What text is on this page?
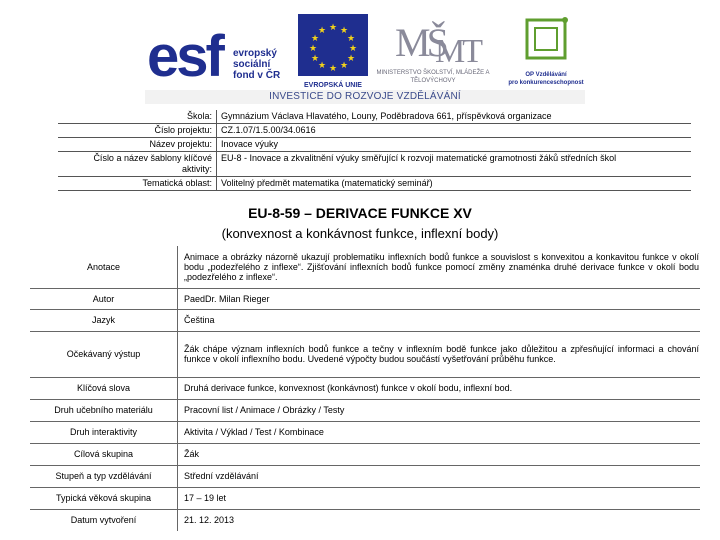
esf	evropský
sociální
fond v ČR
★ ★
★
★
★
★
★
★
★
★
★
★
EVROPSKÁ UNIE
MŠ
MT
MINISTERSTVO ŠKOLSTVÍ, MLÁDEŽE A TĚLOVÝCHOVY
OP Vzdělávání
pro konkurenceschopnost
INVESTICE DO ROZVOJE VZDĚLÁVÁNÍ
Škola:	Gymnázium Václava Hlavatého, Louny, Poděbradova 661, příspěvková organizace
Číslo projektu:	CZ.1.07/1.5.00/34.0616
Název projektu:	Inovace výuky
Číslo a název šablony klíčové aktivity:	EU-8 - Inovace a zkvalitnění výuky směřující k rozvoji matematické gramotnosti žáků středních škol
Tematická oblast:	Volitelný předmět matematika (matematický seminář)
EU-8-59 – DERIVACE FUNKCE XV
(konvexnost a konkávnost funkce, inflexní body)
Anotace	Animace a obrázky názorně ukazují problematiku inflexních bodů funkce a souvislost s konvexitou a konkavitou funkce v okolí bodu „podezřelého z inflexe“. Zjišťování inflexních bodů funkce pomocí změny znaménka druhé derivace funkce v okolí bodu „podezřelého z inflexe“.
Autor	PaedDr. Milan Rieger
Jazyk	Čeština
Očekávaný výstup	Žák chápe význam inflexních bodů funkce a tečny v inflexním bodě funkce jako důležitou a zpřesňující informaci a chování funkce v okolí inflexního bodu. Uvedené výpočty budou součástí vyšetřování průběhu funkce.
Klíčová slova	Druhá derivace funkce, konvexnost (konkávnost) funkce v okolí bodu, inflexní bod.
Druh učebního materiálu	Pracovní list / Animace / Obrázky / Testy
Druh interaktivity	Aktivita / Výklad / Test / Kombinace
Cílová skupina	Žák
Stupeň a typ vzdělávání	Střední vzdělávání
Typická věková skupina	17 – 19 let
Datum vytvoření	21. 12. 2013
